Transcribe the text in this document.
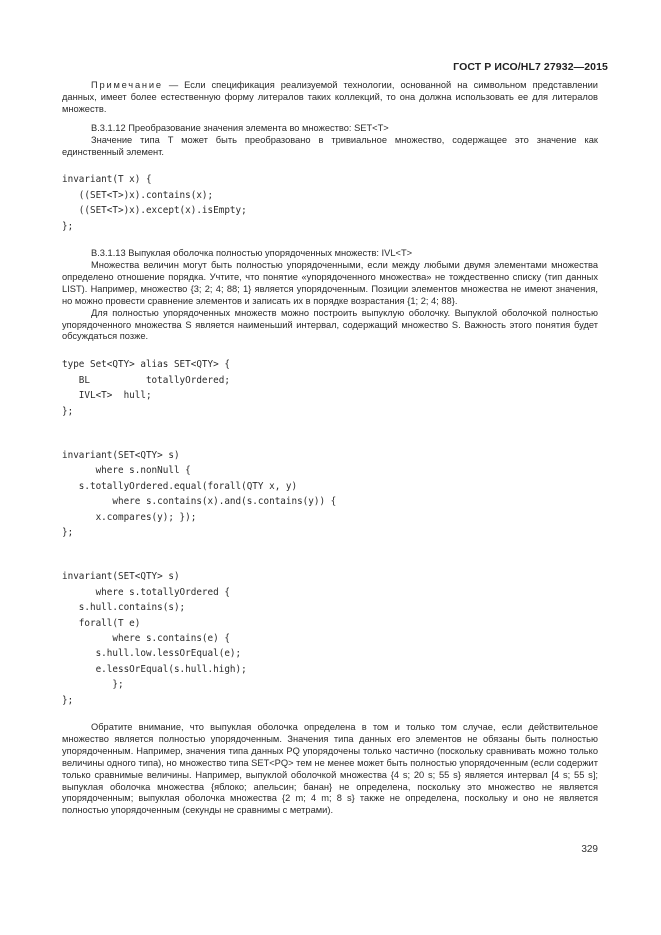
ГОСТ Р ИСО/HL7 27932—2015

Примечание — Если спецификация реализуемой технологии, основанной на символьном представлении данных, имеет более естественную форму литералов таких коллекций, то она должна использовать ее для литералов множеств.

В.3.1.12 Преобразование значения элемента во множество: SET<T>

Значение типа T может быть преобразовано в тривиальное множество, содержащее это значение как единственный элемент.

invariant(T x) {
((SET<T>)x).contains(x);
((SET<T>)x).except(x).isEmpty;
};

В.3.1.13 Выпуклая оболочка полностью упорядоченных множеств: IVL<T>

Множества величин могут быть полностью упорядоченными, если между любыми двумя элементами множества определено отношение порядка. Учтите, что понятие «упорядоченного множества» не тождественно списку (тип данных LIST). Например, множество {3; 2; 4; 88; 1} является упорядоченным. Позиции элементов множества не имеют значения, но можно провести сравнение элементов и записать их в порядке возрастания {1; 2; 4; 88}.

Для полностью упорядоченных множеств можно построить выпуклую оболочку. Выпуклой оболочкой полностью упорядоченного множества S является наименьший интервал, содержащий множество S. Важность этого понятия будет обсуждаться позже.

type Set<QTY> alias SET<QTY> {
BL          totallyOrdered;
IVL<T>  hull;
};
invariant(SET<QTY> s)
where s.nonNull {
s.totallyOrdered.equal(forall(QTY x, y)
where s.contains(x).and(s.contains(y)) {
x.compares(y); });
};
invariant(SET<QTY> s)
where s.totallyOrdered {
s.hull.contains(s);
forall(T e)
where s.contains(e) {
s.hull.low.lessOrEqual(e);
e.lessOrEqual(s.hull.high);
};
};

Обратите внимание, что выпуклая оболочка определена в том и только том случае, если действительное множество является полностью упорядоченным. Значения типа данных его элементов не обязаны быть полностью упорядоченным. Например, значения типа данных PQ упорядочены только частично (поскольку сравнивать можно только величины одного типа), но множество типа SET<PQ> тем не менее может быть полностью упорядоченным (если содержит только сравнимые величины. Например, выпуклой оболочкой множества {4 s; 20 s; 55 s} является интервал [4 s; 55 s]; выпуклая оболочка множества {яблоко; апельсин; банан} не определена, поскольку это множество не является упорядоченным; выпуклая оболочка множества {2 m; 4 m; 8 s} также не определена, поскольку и оно не является полностью упорядоченным (секунды не сравнимы с метрами).

329
